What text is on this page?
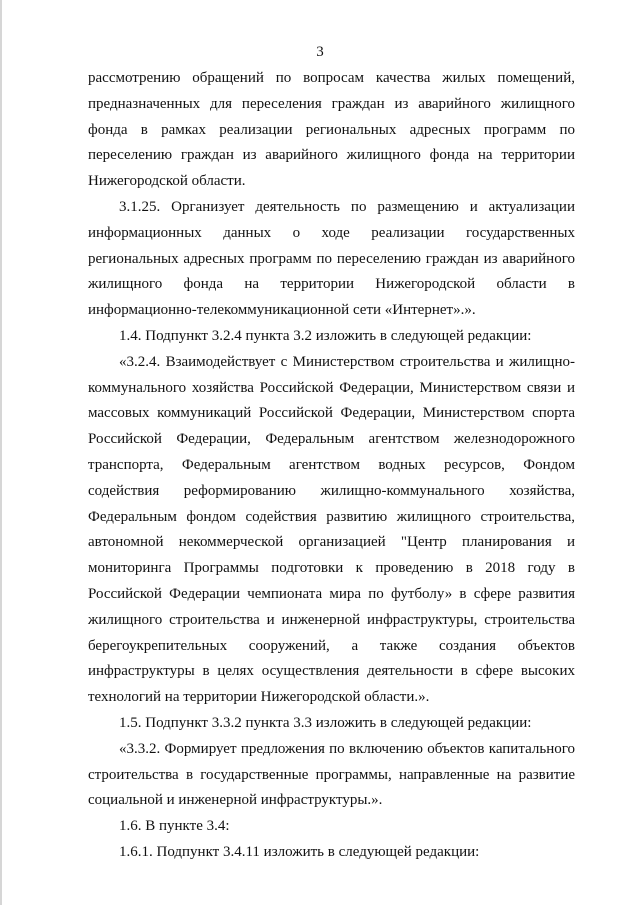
3

рассмотрению обращений по вопросам качества жилых помещений, предназначенных для переселения граждан из аварийного жилищного фонда в рамках реализации региональных адресных программ по переселению граждан из аварийного жилищного фонда на территории Нижегородской области.

3.1.25. Организует деятельность по размещению и актуализации информационных данных о ходе реализации государственных региональных адресных программ по переселению граждан из аварийного жилищного фонда на территории Нижегородской области в информационно-телекоммуникационной сети «Интернет».».

1.4. Подпункт 3.2.4 пункта 3.2 изложить в следующей редакции:

«3.2.4. Взаимодействует с Министерством строительства и жилищно-коммунального хозяйства Российской Федерации, Министерством связи и массовых коммуникаций Российской Федерации, Министерством спорта Российской Федерации, Федеральным агентством железнодорожного транспорта, Федеральным агентством водных ресурсов, Фондом содействия реформированию жилищно-коммунального хозяйства, Федеральным фондом содействия развитию жилищного строительства, автономной некоммерческой организацией "Центр планирования и мониторинга Программы подготовки к проведению в 2018 году в Российской Федерации чемпионата мира по футболу» в сфере развития жилищного строительства и инженерной инфраструктуры, строительства берегоукрепительных сооружений, а также создания объектов инфраструктуры в целях осуществления деятельности в сфере высоких технологий на территории Нижегородской области.».

1.5. Подпункт 3.3.2 пункта 3.3 изложить в следующей редакции:

«3.3.2. Формирует предложения по включению объектов капитального строительства в государственные программы, направленные на развитие социальной и инженерной инфраструктуры.».

1.6. В пункте 3.4:

1.6.1. Подпункт 3.4.11 изложить в следующей редакции:
